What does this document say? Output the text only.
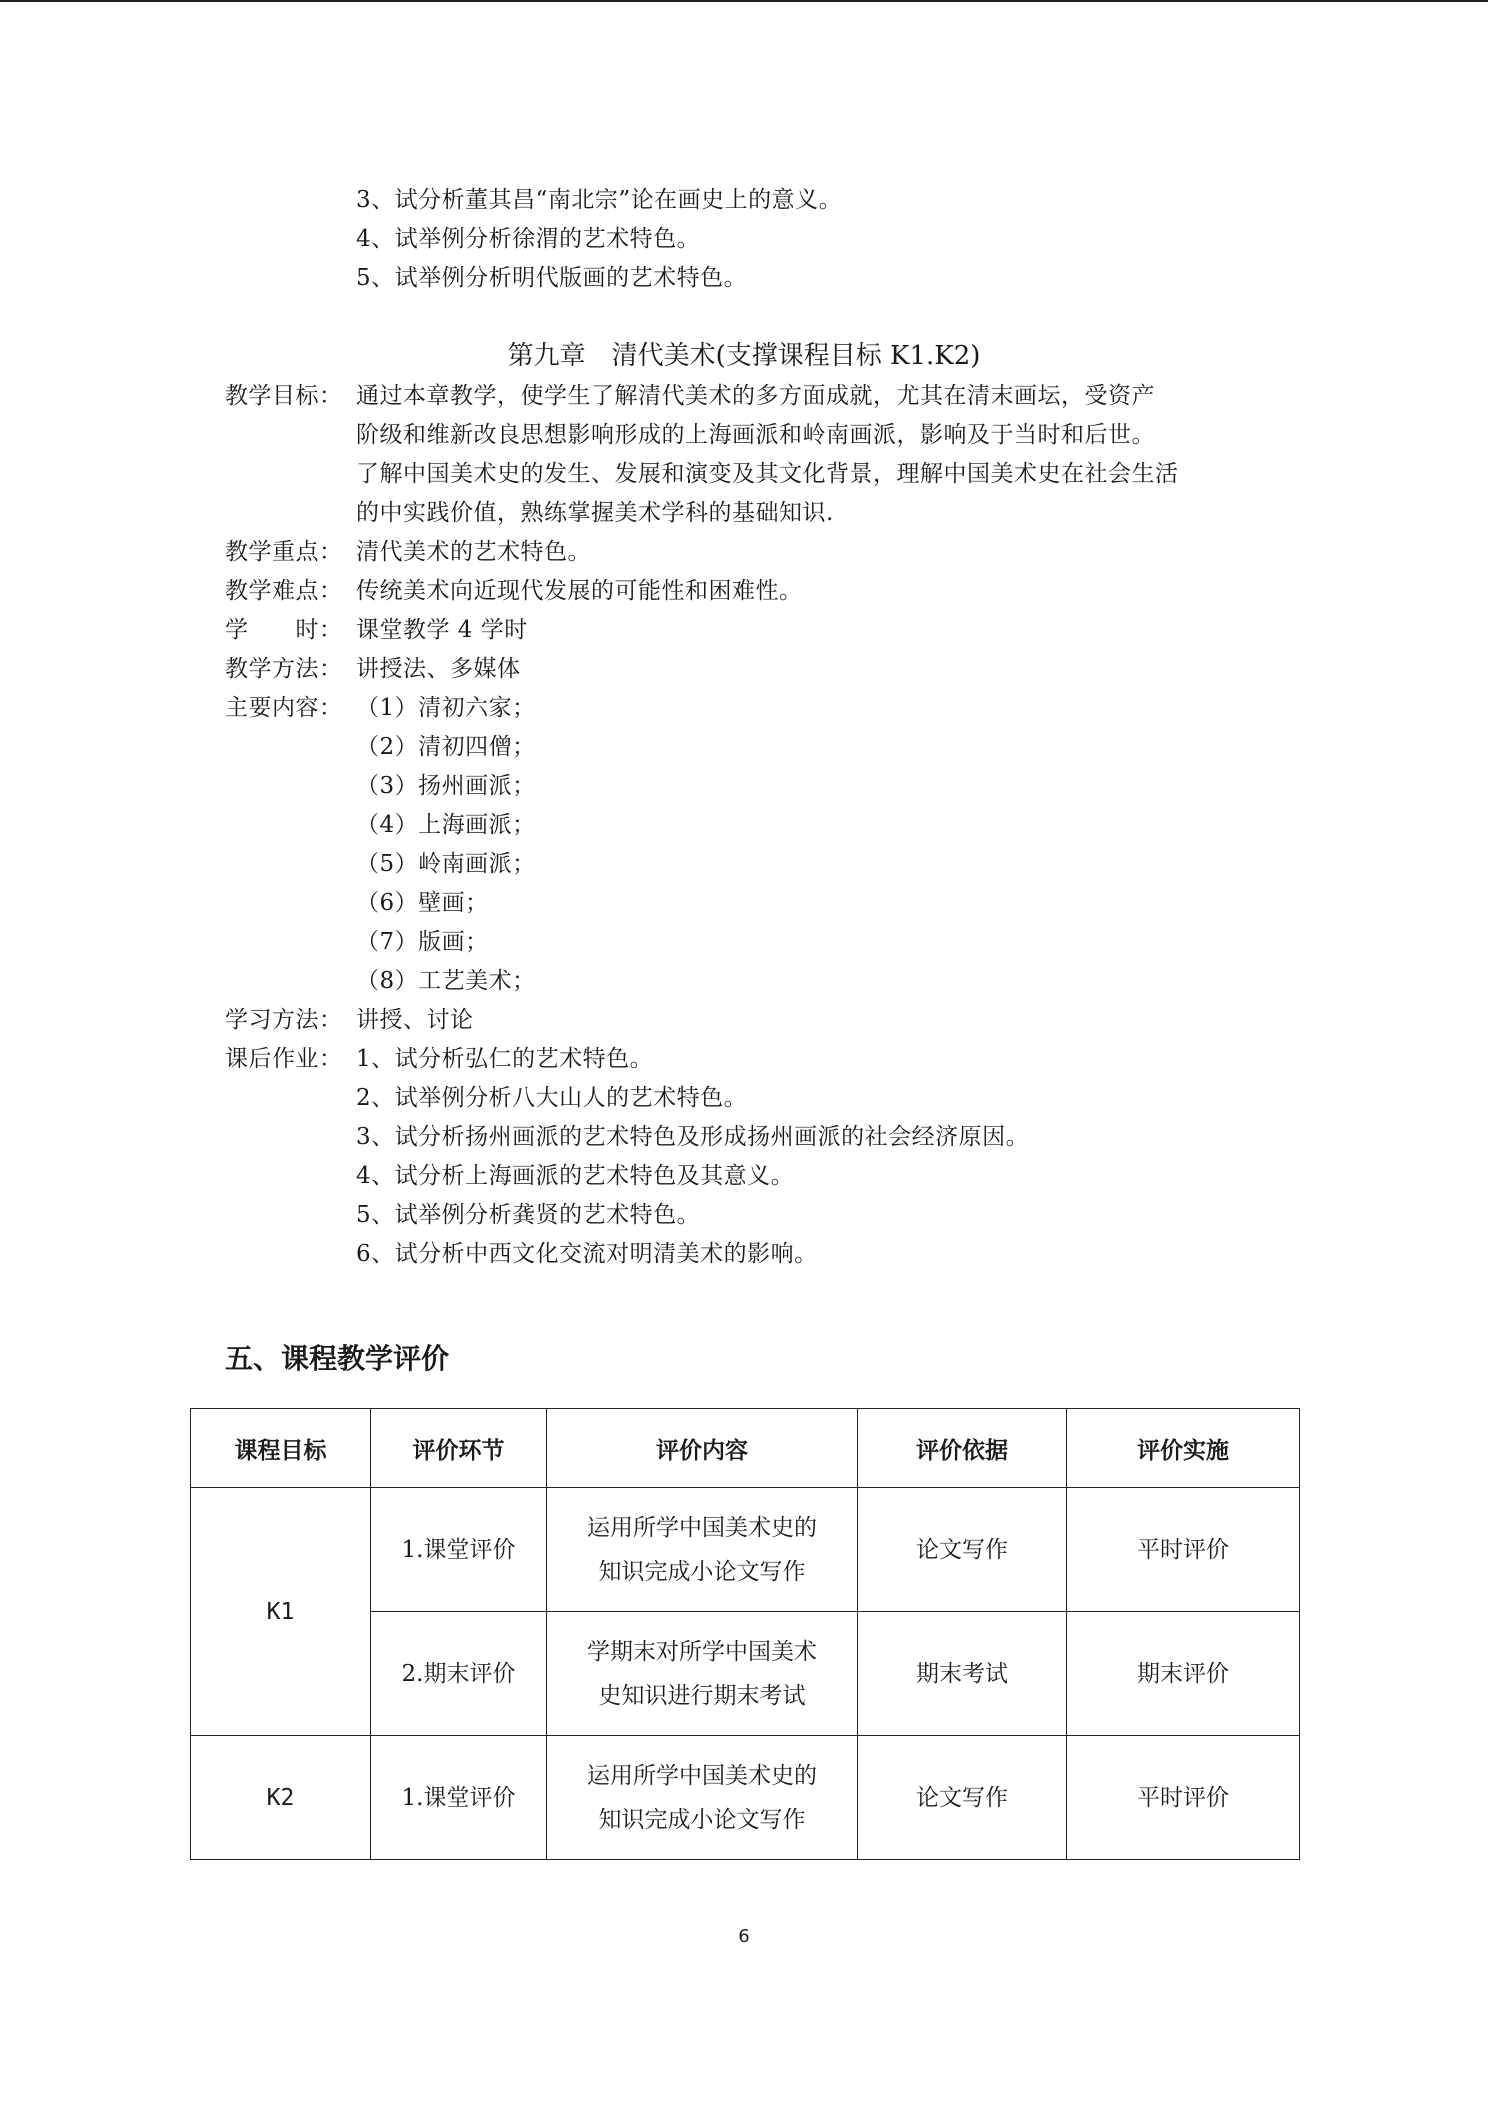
3、试分析董其昌“南北宗”论在画史上的意义。
4、试举例分析徐渭的艺术特色。
5、试举例分析明代版画的艺术特色。
第九章　清代美术(支撑课程目标 K1.K2)
教学目标： 通过本章教学，使学生了解清代美术的多方面成就，尤其在清末画坛，受资产
阶级和维新改良思想影响形成的上海画派和岭南画派，影响及于当时和后世。
了解中国美术史的发生、发展和演变及其文化背景，理解中国美术史在社会生活
的中实践价值，熟练掌握美术学科的基础知识.
教学重点： 清代美术的艺术特色。
教学难点： 传统美术向近现代发展的可能性和困难性。
学　　时： 课堂教学 4 学时
教学方法： 讲授法、多媒体
主要内容： （1）清初六家；
（2）清初四僧；
（3）扬州画派；
（4）上海画派；
（5）岭南画派；
（6）壁画；
（7）版画；
（8）工艺美术；
学习方法： 讲授、讨论
课后作业： 1、试分析弘仁的艺术特色。
2、试举例分析八大山人的艺术特色。
3、试分析扬州画派的艺术特色及形成扬州画派的社会经济原因。
4、试分析上海画派的艺术特色及其意义。
5、试举例分析龚贤的艺术特色。
6、试分析中西文化交流对明清美术的影响。
五、课程教学评价
课程目标	评价环节	评价内容	评价依据	评价实施
K1	1.课堂评价	运用所学中国美术史的
知识完成小论文写作	论文写作	平时评价
	2.期末评价	学期末对所学中国美术
史知识进行期末考试	期末考试	期末评价
K2	1.课堂评价	运用所学中国美术史的
知识完成小论文写作	论文写作	平时评价
6
